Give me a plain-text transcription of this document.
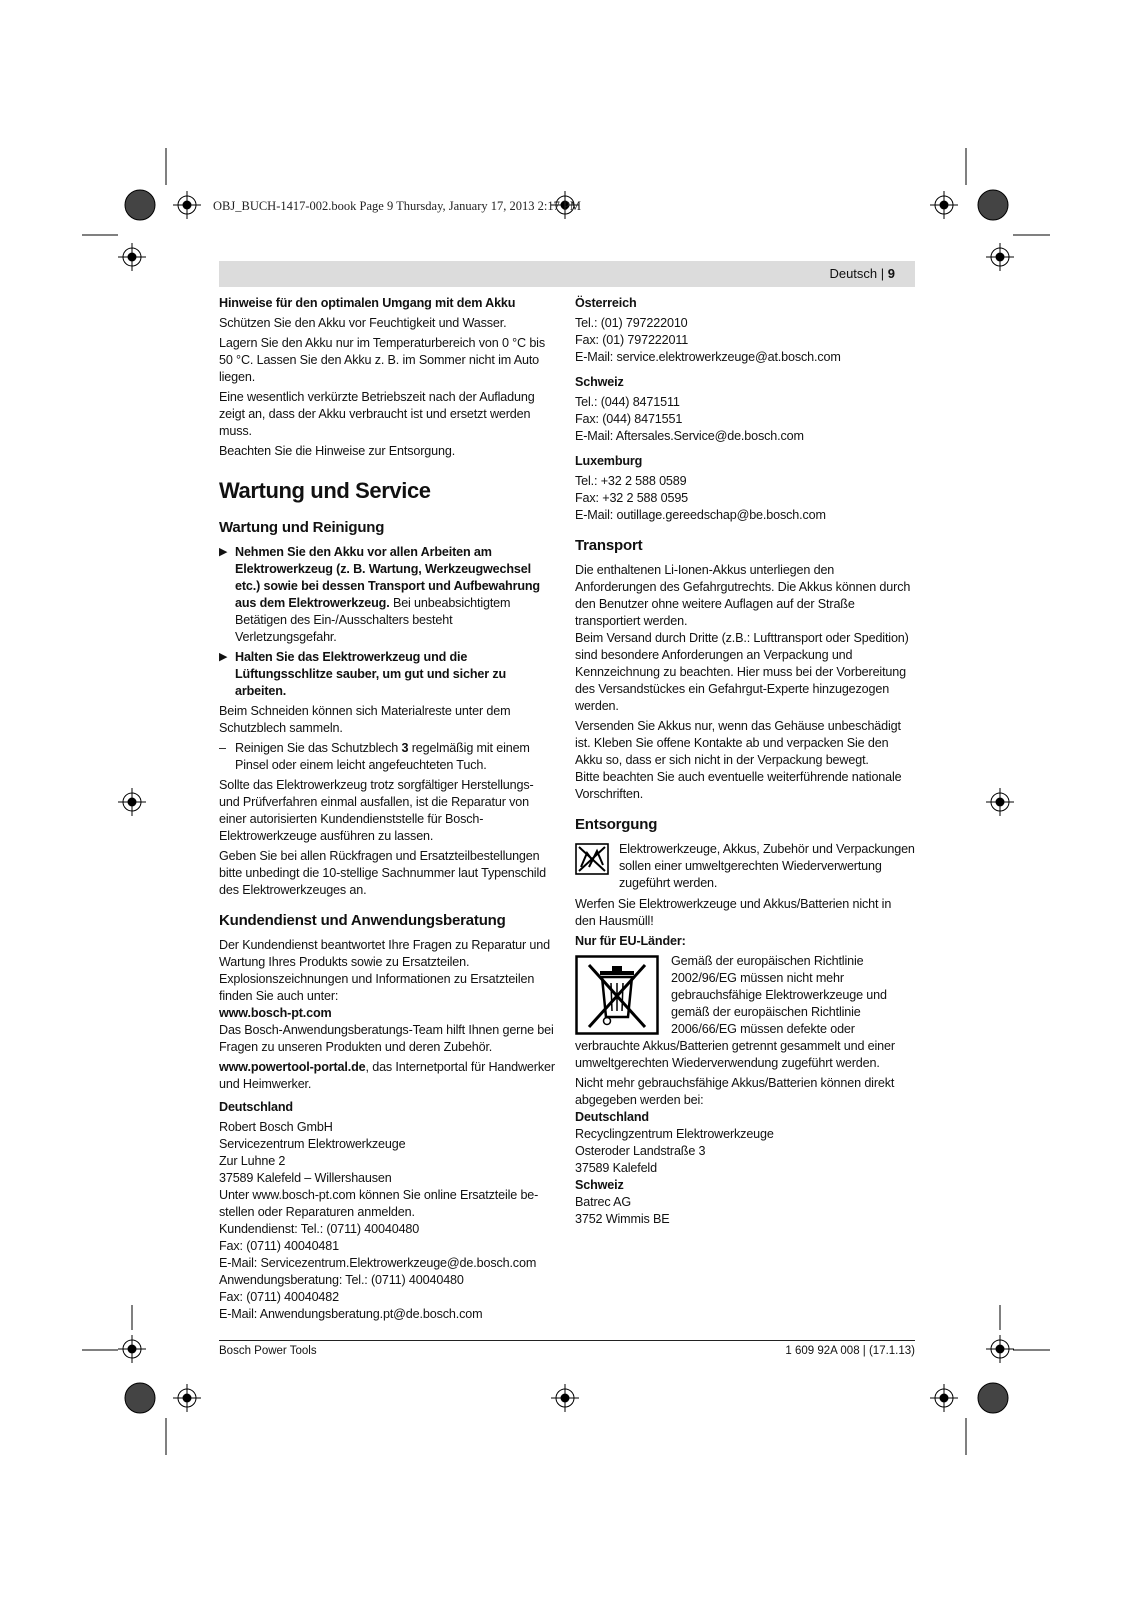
OBJ_BUCH-1417-002.book Page 9 Thursday, January 17, 2013 2:17 PM
Deutsch | 9

Hinweise für den optimalen Umgang mit dem Akku

Schützen Sie den Akku vor Feuchtigkeit und Wasser.

Lagern Sie den Akku nur im Temperaturbereich von 0 °C bis 50 °C. Lassen Sie den Akku z. B. im Sommer nicht im Auto liegen.

Eine wesentlich verkürzte Betriebszeit nach der Aufladung zeigt an, dass der Akku verbraucht ist und ersetzt werden muss.

Beachten Sie die Hinweise zur Entsorgung.

Wartung und Service
Wartung und Reinigung

▶ Nehmen Sie den Akku vor allen Arbeiten am Elektrowerkzeug (z. B. Wartung, Werkzeugwechsel etc.) sowie bei dessen Transport und Aufbewahrung aus dem Elektrowerkzeug. Bei unbeabsichtigtem Betätigen des Ein-/Ausschalters besteht Verletzungsgefahr.

▶ Halten Sie das Elektrowerkzeug und die Lüftungsschlitze sauber, um gut und sicher zu arbeiten.

Beim Schneiden können sich Materialreste unter dem Schutzblech sammeln.

– Reinigen Sie das Schutzblech 3 regelmäßig mit einem Pinsel oder einem leicht angefeuchteten Tuch.

Sollte das Elektrowerkzeug trotz sorgfältiger Herstellungs- und Prüfverfahren einmal ausfallen, ist die Reparatur von einer autorisierten Kundendienststelle für Bosch-Elektrowerkzeuge ausführen zu lassen.

Geben Sie bei allen Rückfragen und Ersatzteilbestellungen bitte unbedingt die 10-stellige Sachnummer laut Typenschild des Elektrowerkzeuges an.

Kundendienst und Anwendungsberatung

Der Kundendienst beantwortet Ihre Fragen zu Reparatur und Wartung Ihres Produkts sowie zu Ersatzteilen. Explosionszeichnungen und Informationen zu Ersatzteilen finden Sie auch unter:
www.bosch-pt.com

Das Bosch-Anwendungsberatungs-Team hilft Ihnen gerne bei Fragen zu unseren Produkten und deren Zubehör.

www.powertool-portal.de, das Internetportal für Handwerker und Heimwerker.

Deutschland

Robert Bosch GmbH
Servicezentrum Elektrowerkzeuge
Zur Luhne 2
37589 Kalefeld – Willershausen
Unter www.bosch-pt.com können Sie online Ersatzteile be-
stellen oder Reparaturen anmelden.
Kundendienst: Tel.: (0711) 40040480
Fax: (0711) 40040481
E-Mail: Servicezentrum.Elektrowerkzeuge@de.bosch.com
Anwendungsberatung: Tel.: (0711) 40040480
Fax: (0711) 40040482
E-Mail: Anwendungsberatung.pt@de.bosch.com

Österreich

Tel.: (01) 797222010
Fax: (01) 797222011
E-Mail: service.elektrowerkzeuge@at.bosch.com

Schweiz

Tel.: (044) 8471511
Fax: (044) 8471551
E-Mail: Aftersales.Service@de.bosch.com

Luxemburg

Tel.: +32 2 588 0589
Fax: +32 2 588 0595
E-Mail: outillage.gereedschap@be.bosch.com
Transport

Die enthaltenen Li-Ionen-Akkus unterliegen den Anforderungen des Gefahrgutrechts. Die Akkus können durch den Benutzer ohne weitere Auflagen auf der Straße transportiert werden.

Beim Versand durch Dritte (z.B.: Lufttransport oder Spedition) sind besondere Anforderungen an Verpackung und Kennzeichnung zu beachten. Hier muss bei der Vorbereitung des Versandstückes ein Gefahrgut-Experte hinzugezogen werden.

Versenden Sie Akkus nur, wenn das Gehäuse unbeschädigt ist. Kleben Sie offene Kontakte ab und verpacken Sie den Akku so, dass er sich nicht in der Verpackung bewegt.

Bitte beachten Sie auch eventuelle weiterführende nationale Vorschriften.

Entsorgung
Elektrowerkzeuge, Akkus, Zubehör und Verpackungen sollen einer umweltgerechten Wiederverwertung zugeführt werden.

Werfen Sie Elektrowerkzeuge und Akkus/Batterien nicht in den Hausmüll!

Nur für EU-Länder:

Gemäß der europäischen Richtlinie 2002/96/EG müssen nicht mehr gebrauchsfähige Elektrowerkzeuge und gemäß der europäischen Richtlinie 2006/66/EG müssen defekte oder verbrauchte Akkus/Batterien getrennt gesammelt und einer umweltgerechten Wiederverwendung zugeführt werden.

Nicht mehr gebrauchsfähige Akkus/Batterien können direkt abgegeben werden bei:

Deutschland

Recyclingzentrum Elektrowerkzeuge
Osteroder Landstraße 3
37589 Kalefeld

Schweiz

Batrec AG
3752 Wimmis BE
Bosch Power Tools	1 609 92A 008 | (17.1.13)
